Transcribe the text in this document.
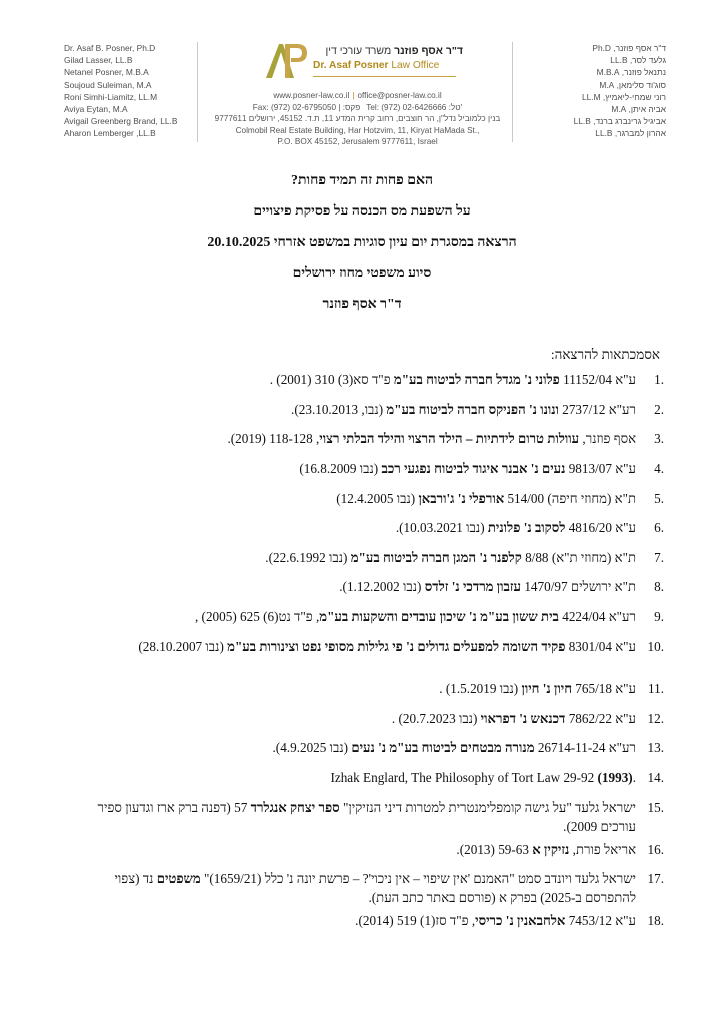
Dr. Asaf B. Posner, Ph.D
Gilad Lasser, LL.B
Netanel Posner, M.B.A
Soujoud Suleiman, M.A
Roni Simhi-Liamitz, LL.M
Aviya Eytan, M.A
Avigail Greenberg Brand, LL.B
Aharon Lemberger ,LL.B
ד"ר אסף פוזנר משרד עורכי דין
Dr. Asaf Posner Law Office
www.posner-law.co.il | office@posner-law.co.il
Fax: (972) 02-6795050 | :פקס Tel: (972) 02-6426666 :טל'
בנין כלמוביל נדל"ן, הר חוצבים, רחוב קרית המדע 11, ת.ד. 45152, ירושלים 9777611
Colmobil Real Estate Building, Har Hotzvim, 11, Kiryat HaMada St.,
P.O. BOX 45152, Jerusalem 9777611, Israel
ד"ר אסף פוזנר, Ph.D
גלעד לסר, LL.B
נתנאל פוזנר, M.B.A
סוג'וד סלימאן, M.A
רוני שמחי-ליאמיץ, LL.M
אביה איתן, M.A
אביגיל גרינברג ברנד, LL.B
אהרון למברגר, LL.B
האם פחות זה תמיד פחות?
על השפעת מס הכנסה על פסיקת פיצויים
הרצאה במסגרת יום עיון סוגיות במשפט אזרחי 20.10.2025
סיוע משפטי מחוז ירושלים
ד"ר אסף פוזנר
אסמכתאות להרצאה:
1.
ע"א 11152/04 פלוני נ' מגדל חברה לביטוח בע"מ פ"ד סא(3) 310 (2001) .
2.
רע"א 2737/12 ונונו נ' הפניקס חברה לביטוח בע"מ (נבו, 23.10.2013).
3.
אסף פוזנר, עוולות טרום לידתיות – הילד הרצוי והילד הבלתי רצוי, 118-128 (2019).
4.
ע"א 9813/07 נעים נ' אבנר איגוד לביטוח נפגעי רכב (נבו 16.8.2009)
5.
ת"א (מחוזי חיפה) 514/00 אורפלי נ' ג'ורבאן (נבו 12.4.2005)
6.
ע"א 4816/20 לסקוב נ' פלונית (נבו 10.03.2021).
7.
ת"א (מחוזי ת"א) 8/88 קלפנר נ' המגן חברה לביטוח בע"מ (נבו 22.6.1992).
8.
ת"א ירושלים 1470/97 עזבון מרדכי נ' זלדס (נבו 1.12.2002).
9.
רע"א 4224/04 בית ששון בע"מ נ' שיכון עובדים והשקעות בע"מ, פ"ד נט(6) 625 (2005) ,
10.
ע"א 8301/04 פקיד השומה למפעלים גדולים נ' פי גלילות מסופי נפט וצינורות בע"מ (נבו 28.10.2007)
11.
ע"א 765/18 חיון נ' חיון (נבו 1.5.2019) .
12.
ע"א 7862/22 דכנאש נ' דפראוי (נבו 20.7.2023) .
13.
רע"א 26714-11-24 מנורה מבטחים לביטוח בע"מ נ' נעים (נבו 4.9.2025).
14.
Izhak Englard, The Philosophy of Tort Law 29-92 (1993).
15.
ישראל גלעד "על גישה קומפלימנטרית למטרות דיני הנזיקין" ספר יצחק אנגלרד 57 (דפנה ברק ארז וגדעון ספיר עורכים 2009).
16.
אריאל פורת, נזיקין א 59-63 (2013).
17.
ישראל גלעד ויונדב סמט "האמנם 'אין שיפוי – אין ניכוי'? – פרשת יונה נ' כלל (1659/21)" משפטים נד (צפוי להתפרסם ב-2025) בפרק א (פורסם באתר כתב העת).
18.
ע"א 7453/12 אלחבאנין נ' כריסי, פ"ד סז(1) 519 (2014).
